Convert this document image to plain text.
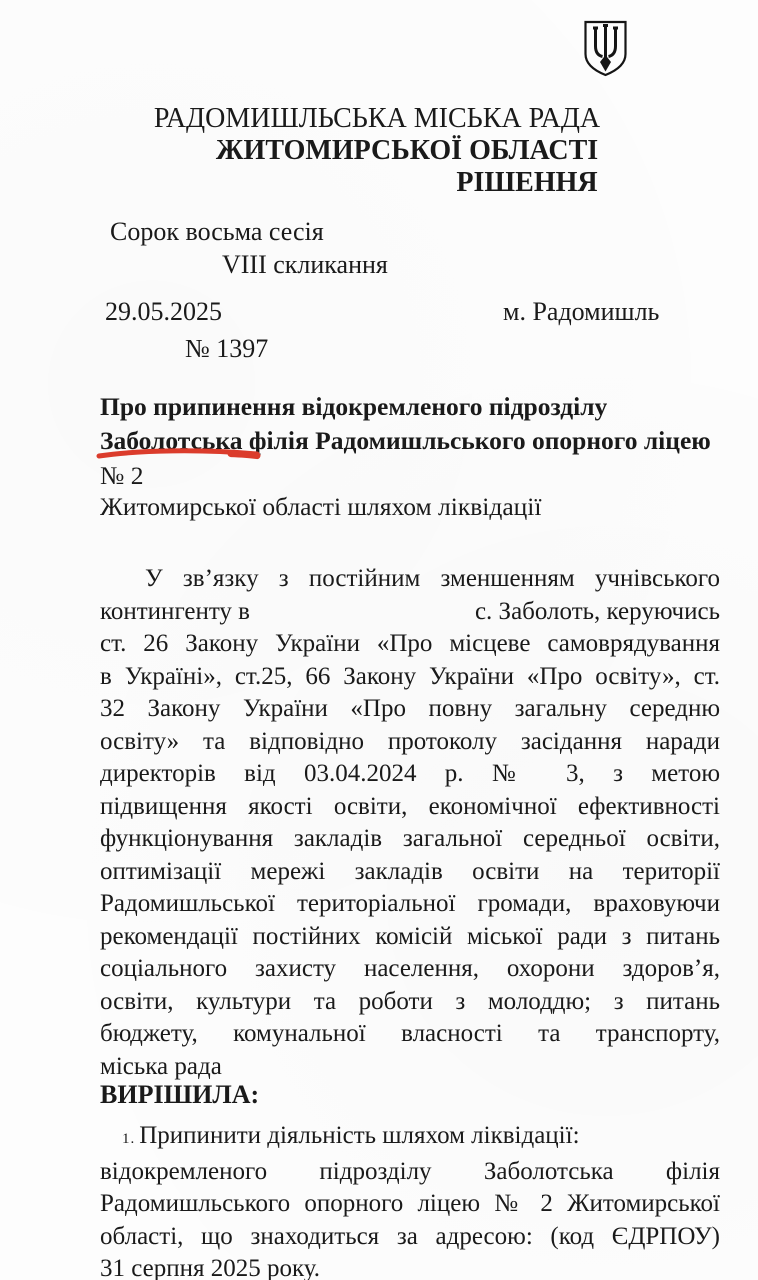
РАДОМИШЛЬСЬКА МІСЬКА РАДА
ЖИТОМИРСЬКОЇ ОБЛАСТІ
РІШЕННЯ
Сорок восьма сесія
VIII скликання
29.05.2025	м. Радомишль
№ 1397
Про припинення відокремленого підрозділу
Заболотська філія Радомишльського опорного ліцею
№ 2
Житомирської області шляхом ліквідації
У зв’язку з постійним зменшенням учнівського
контингенту в	с. Заболоть, керуючись
ст. 26 Закону України «Про місцеве самоврядування
в Україні», ст.25, 66 Закону України «Про освіту», ст.
32 Закону України «Про повну загальну середню
освіту» та відповідно протоколу засідання наради
директорів від 03.04.2024 р. № 3, з метою
підвищення якості освіти, економічної ефективності
функціонування закладів загальної середньої освіти,
оптимізації мережі закладів освіти на території
Радомишльської територіальної громади, враховуючи
рекомендації постійних комісій міської ради з питань
соціального захисту населення, охорони здоров’я,
освіти, культури та роботи з молоддю; з питань
бюджету, комунальної власності та транспорту,
міська рада
ВИРІШИЛА:
1. Припинити діяльність шляхом ліквідації:
відокремленого підрозділу Заболотська філія
Радомишльського опорного ліцею № 2 Житомирської
області, що знаходиться за адресою: (код ЄДРПОУ)
31 серпня 2025 року.
